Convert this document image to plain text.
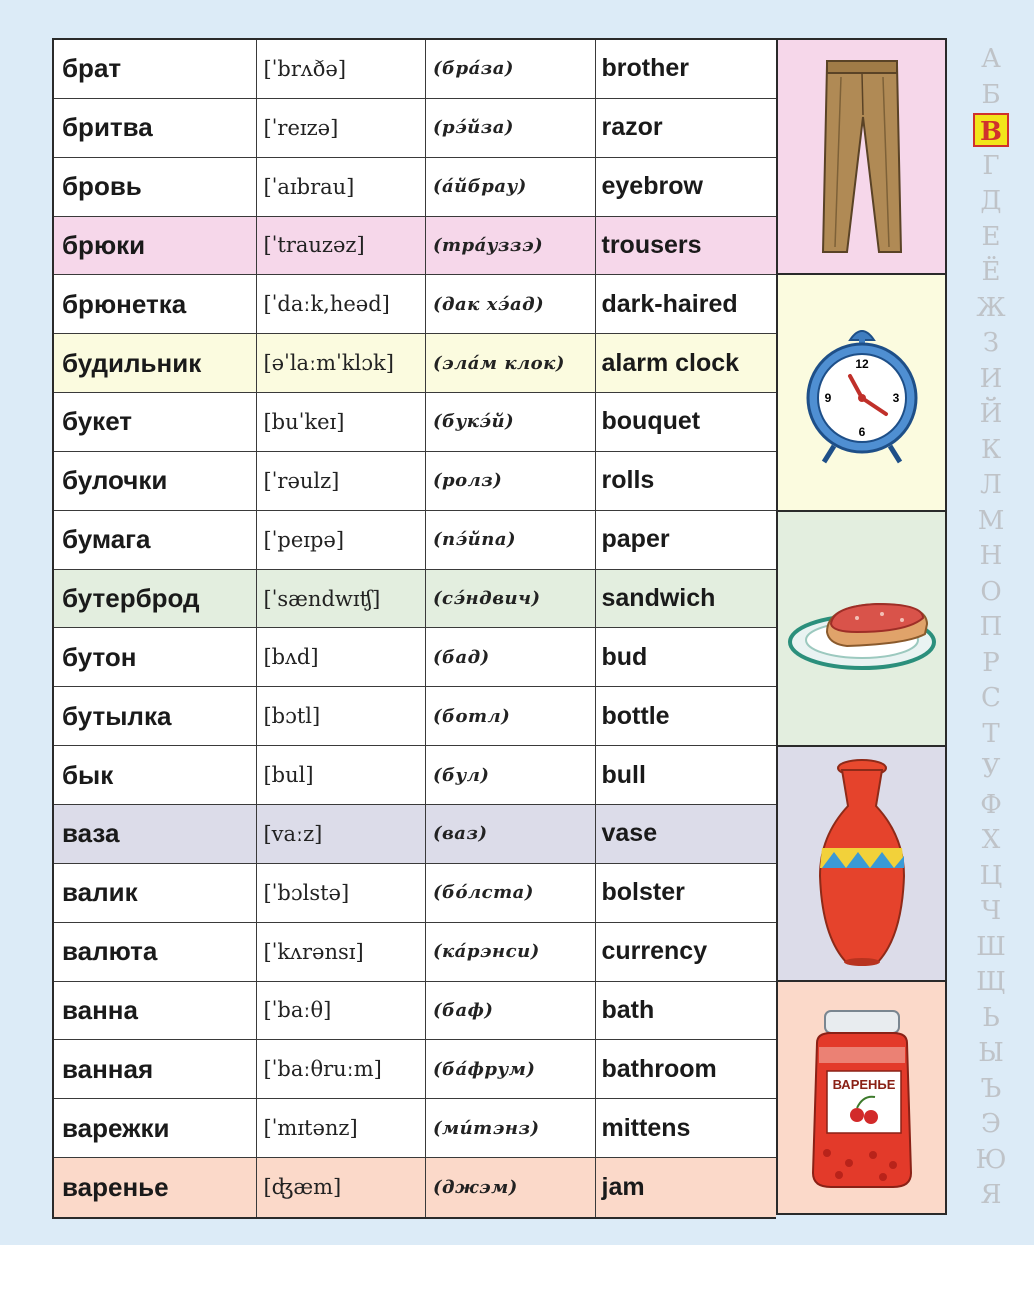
брат	[ˈbrʌðə]	(бра́за)	brother
бритва	[ˈreɪzə]	(рэ́йза)	razor
бровь	[ˈaɪbrau]	(а́йбрау)	eyebrow
брюки	[ˈtrauzəz]	(тра́уззэ)	trousers
брюнетка	[ˈdaːk,heəd]	(дак хэ́ад)	dark-haired
будильник	[əˈlaːmˈklɔk]	(эла́м клок)	alarm clock
букет	[buˈkeɪ]	(букэ́й)	bouquet
булочки	[ˈrəulz]	(ролз)	rolls
бумага	[ˈpeɪpə]	(пэ́йпа)	paper
бутерброд	[ˈsændwɪʧ]	(сэ́ндвич)	sandwich
бутон	[bʌd]	(бад)	bud
бутылка	[bɔtl]	(ботл)	bottle
бык	[bul]	(бул)	bull
ваза	[vaːz]	(ваз)	vase
валик	[ˈbɔlstə]	(бо́лста)	bolster
валюта	[ˈkʌrənsɪ]	(ка́рэнси)	currency
ванна	[ˈbaːθ]	(баф)	bath
ванная	[ˈbaːθruːm]	(ба́фрум)	bathroom
варежки	[ˈmɪtənz]	(ми́тэнз)	mittens
варенье	[ʤæm]	(джэм)	jam
12
3
6
9
ВАРЕНЬЕ
А
Б
В
Г
Д
Е
Ё
Ж
З
И
Й
К
Л
М
Н
О
П
Р
С
Т
У
Ф
Х
Ц
Ч
Ш
Щ
Ь
Ы
Ъ
Э
Ю
Я
